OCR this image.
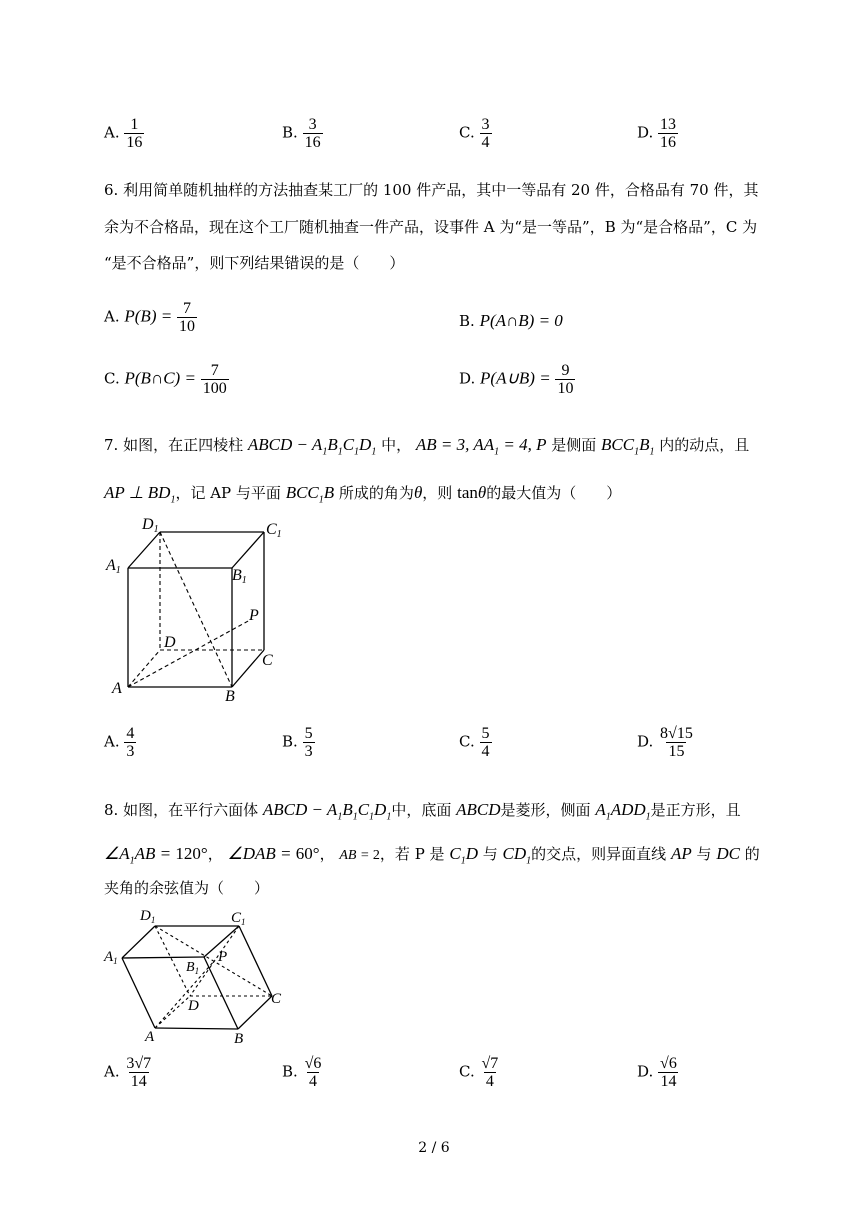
A. $\frac{1}{16}$	B. $\frac{3}{16}$	C. $\frac{3}{4}$	D. $\frac{13}{16}$
6. 利用简单随机抽样的方法抽查某工厂的 100 件产品，其中一等品有 20 件，合格品有 70 件，其
余为不合格品，现在这个工厂随机抽查一件产品，设事件 A 为“是一等品”，B 为“是合格品”，C 为
“是不合格品”，则下列结果错误的是（　　）
A. $P(B) = \frac{7}{10}$	B. P(A∩B) = 0
C. P(B∩C) = $\frac{7}{100}$	D. P(A∪B) = $\frac{9}{10}$
7. 如图，在正四棱柱 ABCD − $A_1B_1C_1D_1$ 中， AB = 3, $AA_1 = 4$, P 是侧面 $BCC_1B_1$ 内的动点，且
AP ⊥ $BD_1$，记 AP 与平面 $BCC_1B$ 所成的角为θ，则 tanθ的最大值为（　　）
D1	C1
A1	B1
P
D
C
A	B
A. $\frac{4}{3}$	B. $\frac{5}{3}$	C. $\frac{5}{4}$	D. $\frac{8√15}{15}$
8. 如图，在平行六面体 ABCD − $A_1B_1C_1D_1$中，底面 ABCD是菱形，侧面 $A_1ADD_1$是正方形，且
$\angle A_1AB = 120^\circ$， ∠DAB = 60°， AB = 2，若 P 是 $C_1D$ 与 $CD_1$的交点，则异面直线 AP 与 DC 的
夹角的余弦值为（　　）
$D_1$	$C_1$
$A_1$	$B_1$
P
D	C
A	B
A. $\frac{3√7}{14}$	B. $\frac{√6}{4}$	C. $\frac{√7}{4}$	D. $\frac{√6}{14}$
2 / 6
